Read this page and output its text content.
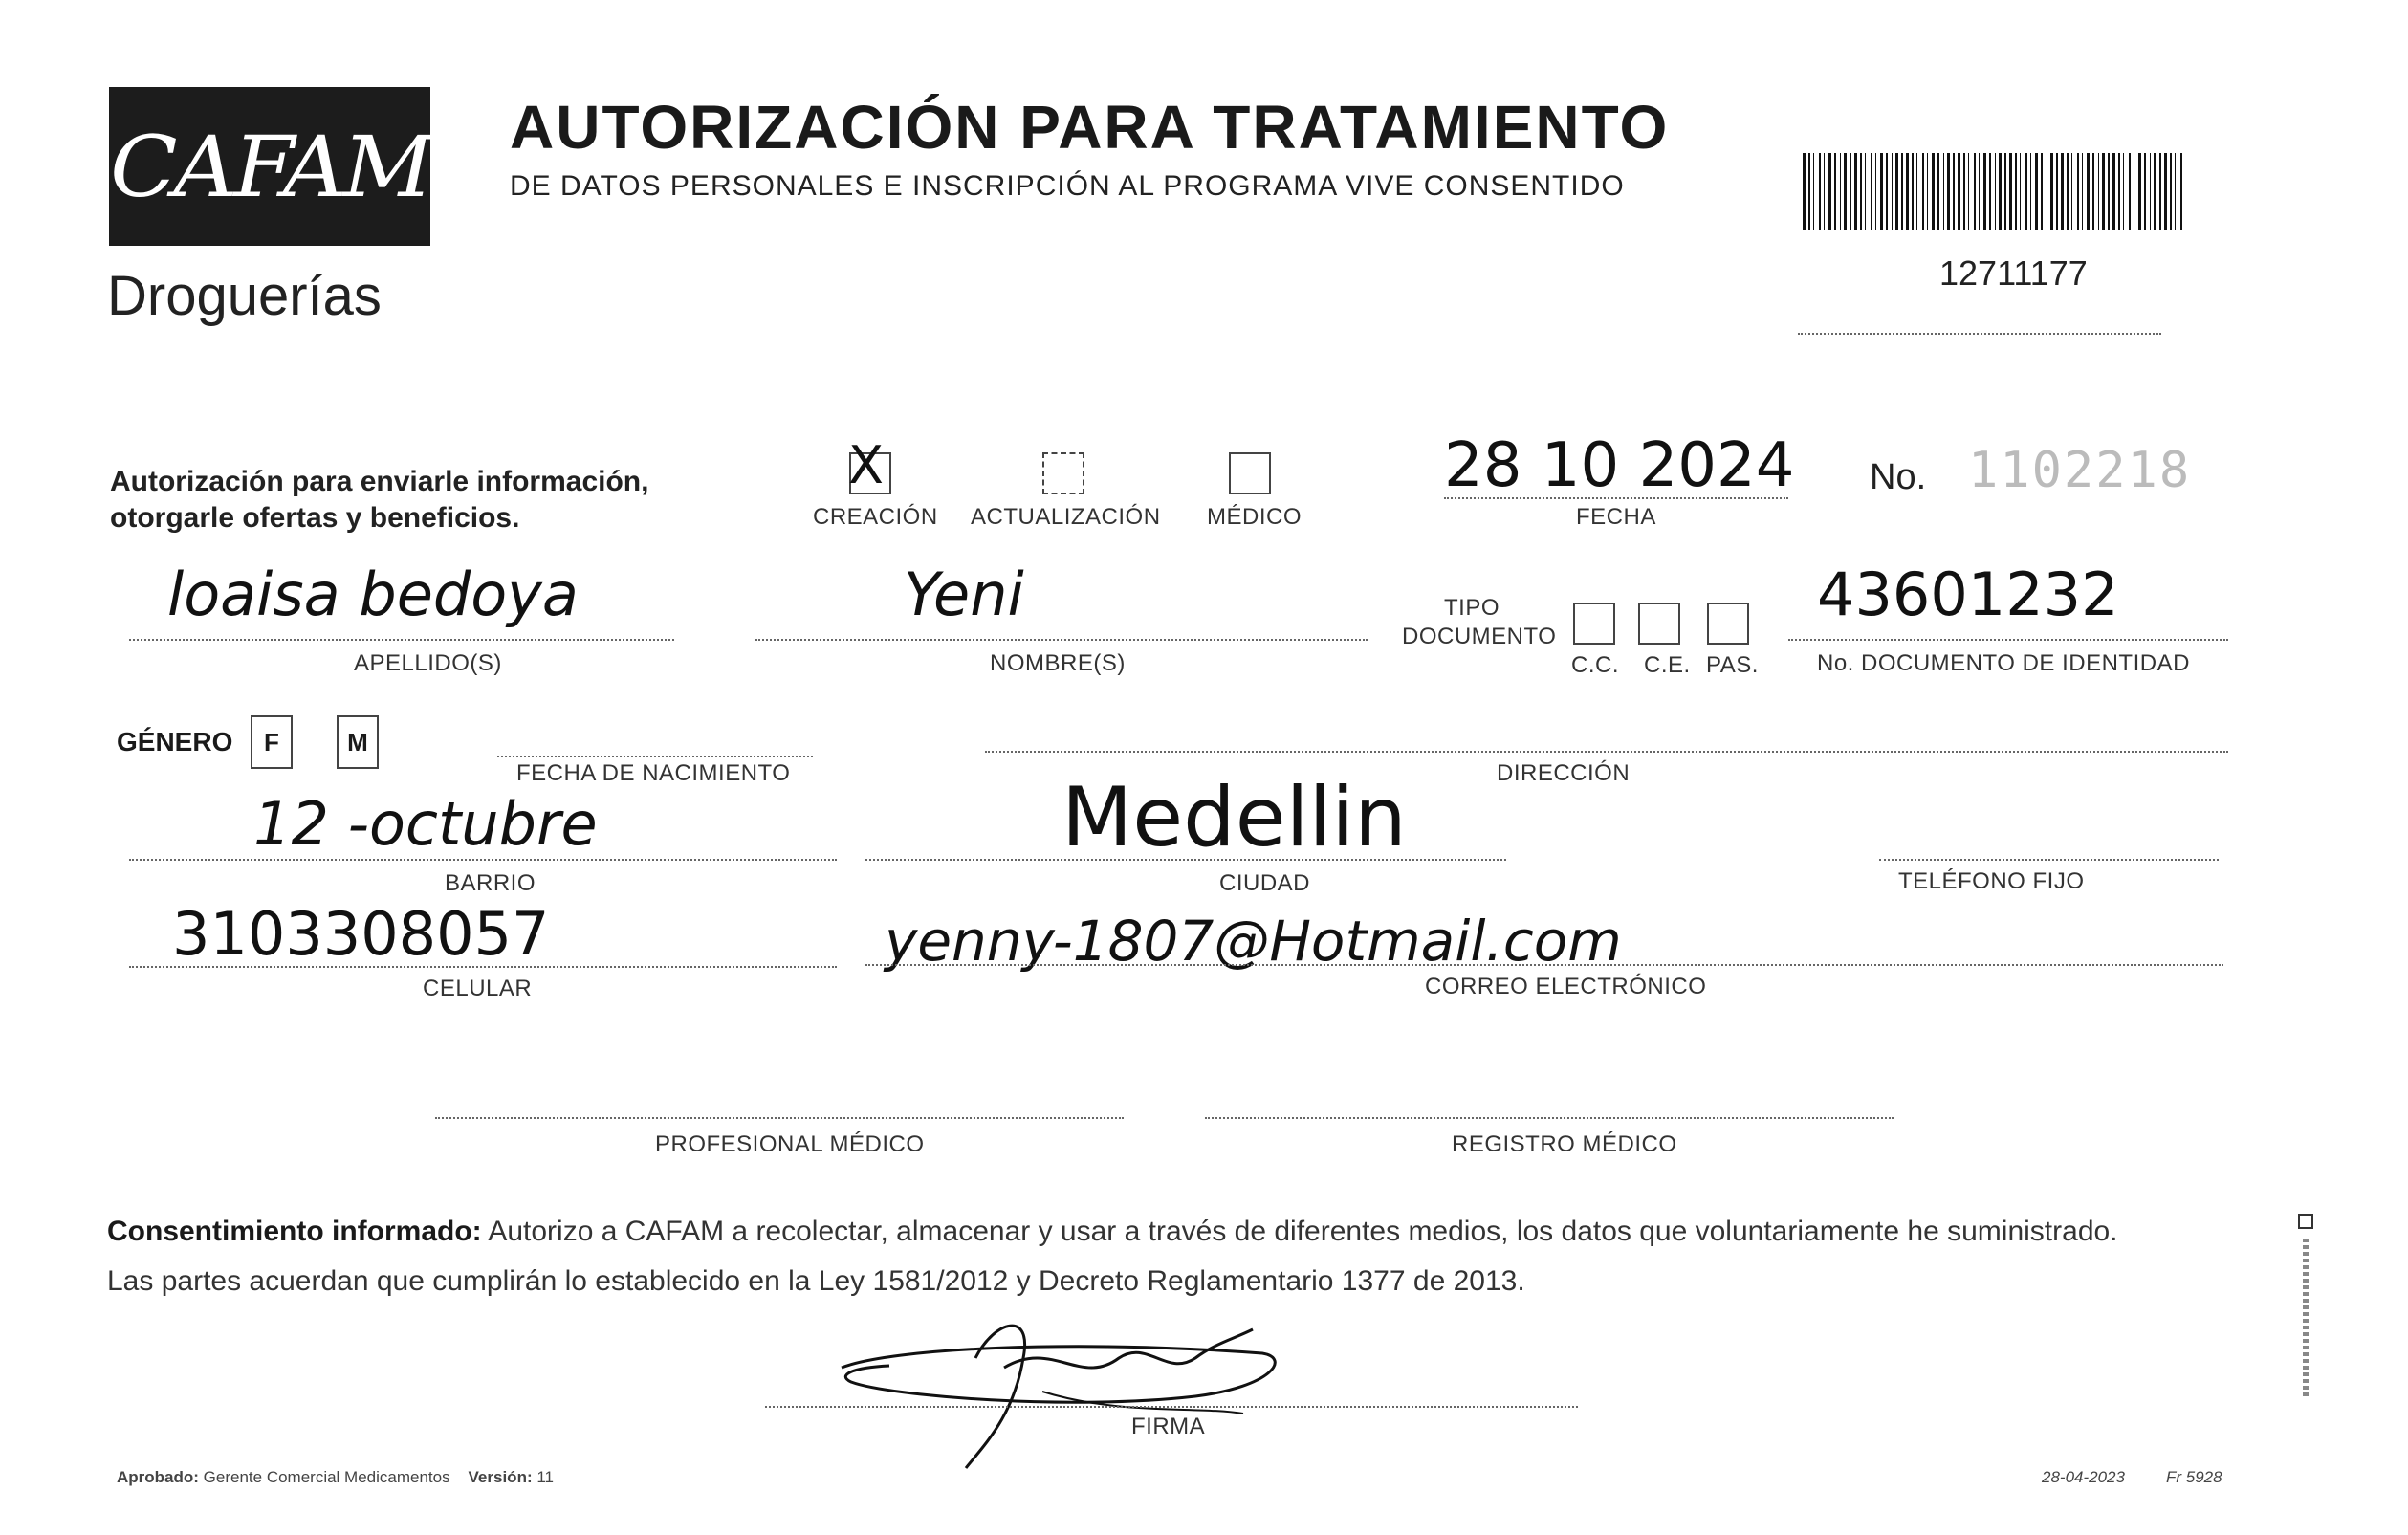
CAFAM
Droguerías
AUTORIZACIÓN PARA TRATAMIENTO
DE DATOS PERSONALES E INSCRIPCIÓN AL PROGRAMA VIVE CONSENTIDO
12711177
Autorización para enviarle información,
otorgarle ofertas y beneficios.
X
CREACIÓN ACTUALIZACIÓN MÉDICO
28 10 2024
FECHA
No. 1102218
loaisa bedoya
APELLIDO(S)
Yeni
NOMBRE(S)
TIPO
DOCUMENTO
C.C. C.E. PAS.
43601232
No. DOCUMENTO DE IDENTIDAD
GÉNERO	F	M
FECHA DE NACIMIENTO	DIRECCIÓN
12 -octubre
BARRIO
Medellin
CIUDAD	TELÉFONO FIJO
3103308057
CELULAR
yenny-1807@Hotmail.com
CORREO ELECTRÓNICO
PROFESIONAL MÉDICO	REGISTRO MÉDICO
Consentimiento informado: Autorizo a CAFAM a recolectar, almacenar y usar a través de diferentes medios, los datos que voluntariamente he suministrado.
Las partes acuerdan que cumplirán lo establecido en la Ley 1581/2012 y Decreto Reglamentario 1377 de 2013.
FIRMA
Aprobado: Gerente Comercial Medicamentos Versión: 11	28-04-2023	Fr 5928
